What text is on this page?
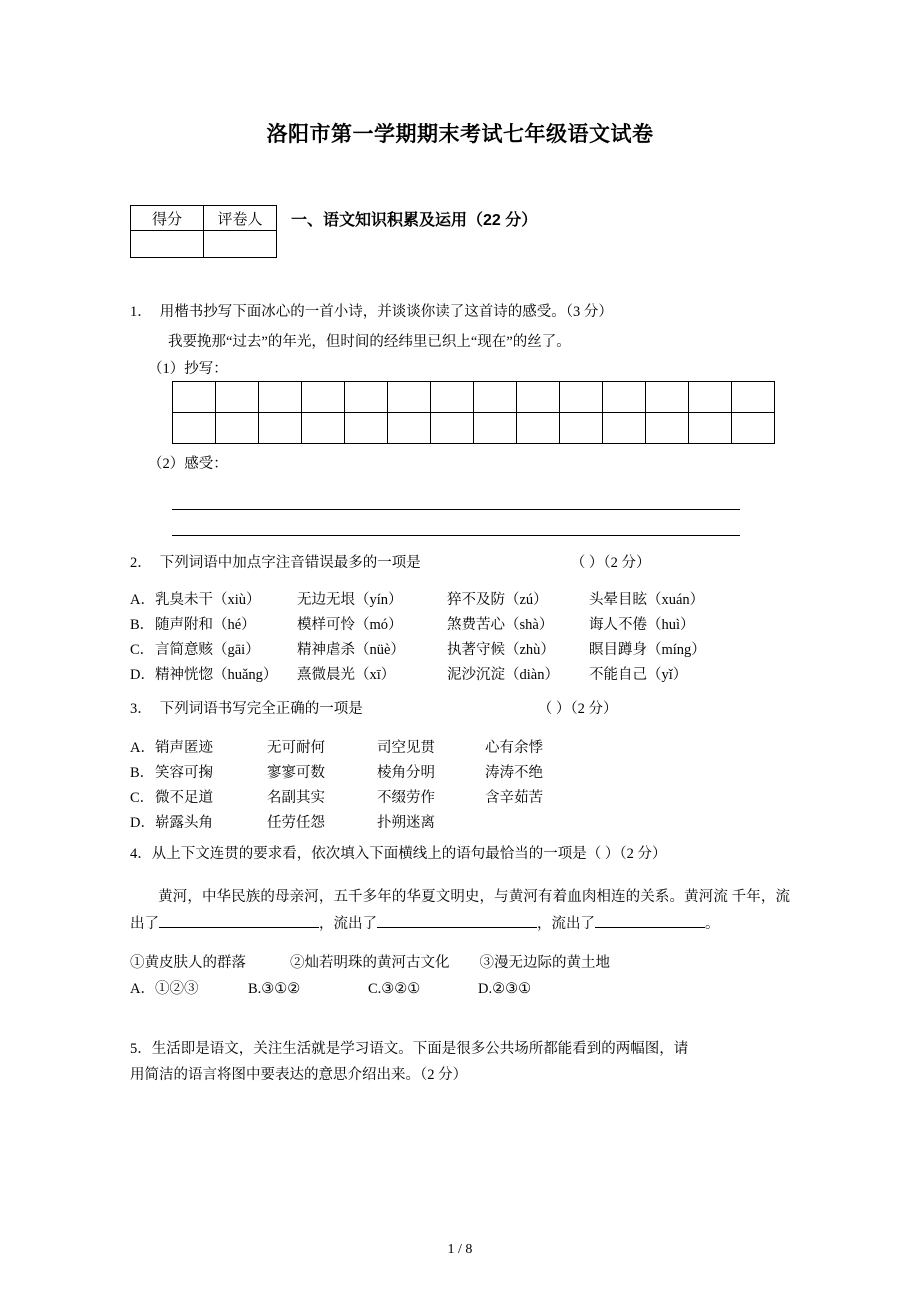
洛阳市第一学期期末考试七年级语文试卷
得分	评卷人
	一、语文知识积累及运用（22 分）
1． 用楷书抄写下面冰心的一首小诗，并谈谈你读了这首诗的感受。（3 分）
我要挽那“过去”的年光，但时间的经纬里已织上“现在”的丝了。
（1）抄写：

（2）感受：
2． 下列词语中加点字注音错误最多的一项是	（ ）（2 分）
A．	乳臭未干（xiù）	无边无垠（yín）	猝不及防（zú）	头晕目眩（xuán）
B．	随声附和（hé）	模样可怜（mó）	煞费苦心（shà）	诲人不倦（huì）
C．	言简意赅（gāi）	精神虐杀（nüè）	执著守候（zhù）	瞑目蹲身（míng）
D．	精神恍惚（huǎng）	熹微晨光（xī）	泥沙沉淀（diàn）	不能自己（yǐ）
3． 下列词语书写完全正确的一项是	（ ）（2 分）
A．	销声匿迹	无可耐何	司空见贯	心有余悸
B．	笑容可掬	寥寥可数	棱角分明	涛涛不绝
C．	微不足道	名副其实	不缀劳作	含辛茹苦
D．	崭露头角	任劳任怨	扑朔迷离	
4．从上下文连贯的要求看，依次填入下面横线上的语句最恰当的一项是（ ）（2 分）
黄河，中华民族的母亲河，五千多年的华夏文明史，与黄河有着血肉相连的关系。黄河流 千年，流出了	，流出了	，流出了	。
①黄皮肤人的群落	②灿若明珠的黄河古文化 ③漫无边际的黄土地
A．①②③	B.③①②	C.③②①	D.②③①
5．生活即是语文，关注生活就是学习语文。下面是很多公共场所都能看到的两幅图，请
用简洁的语言将图中要表达的意思介绍出来。（2 分）
1 / 8
